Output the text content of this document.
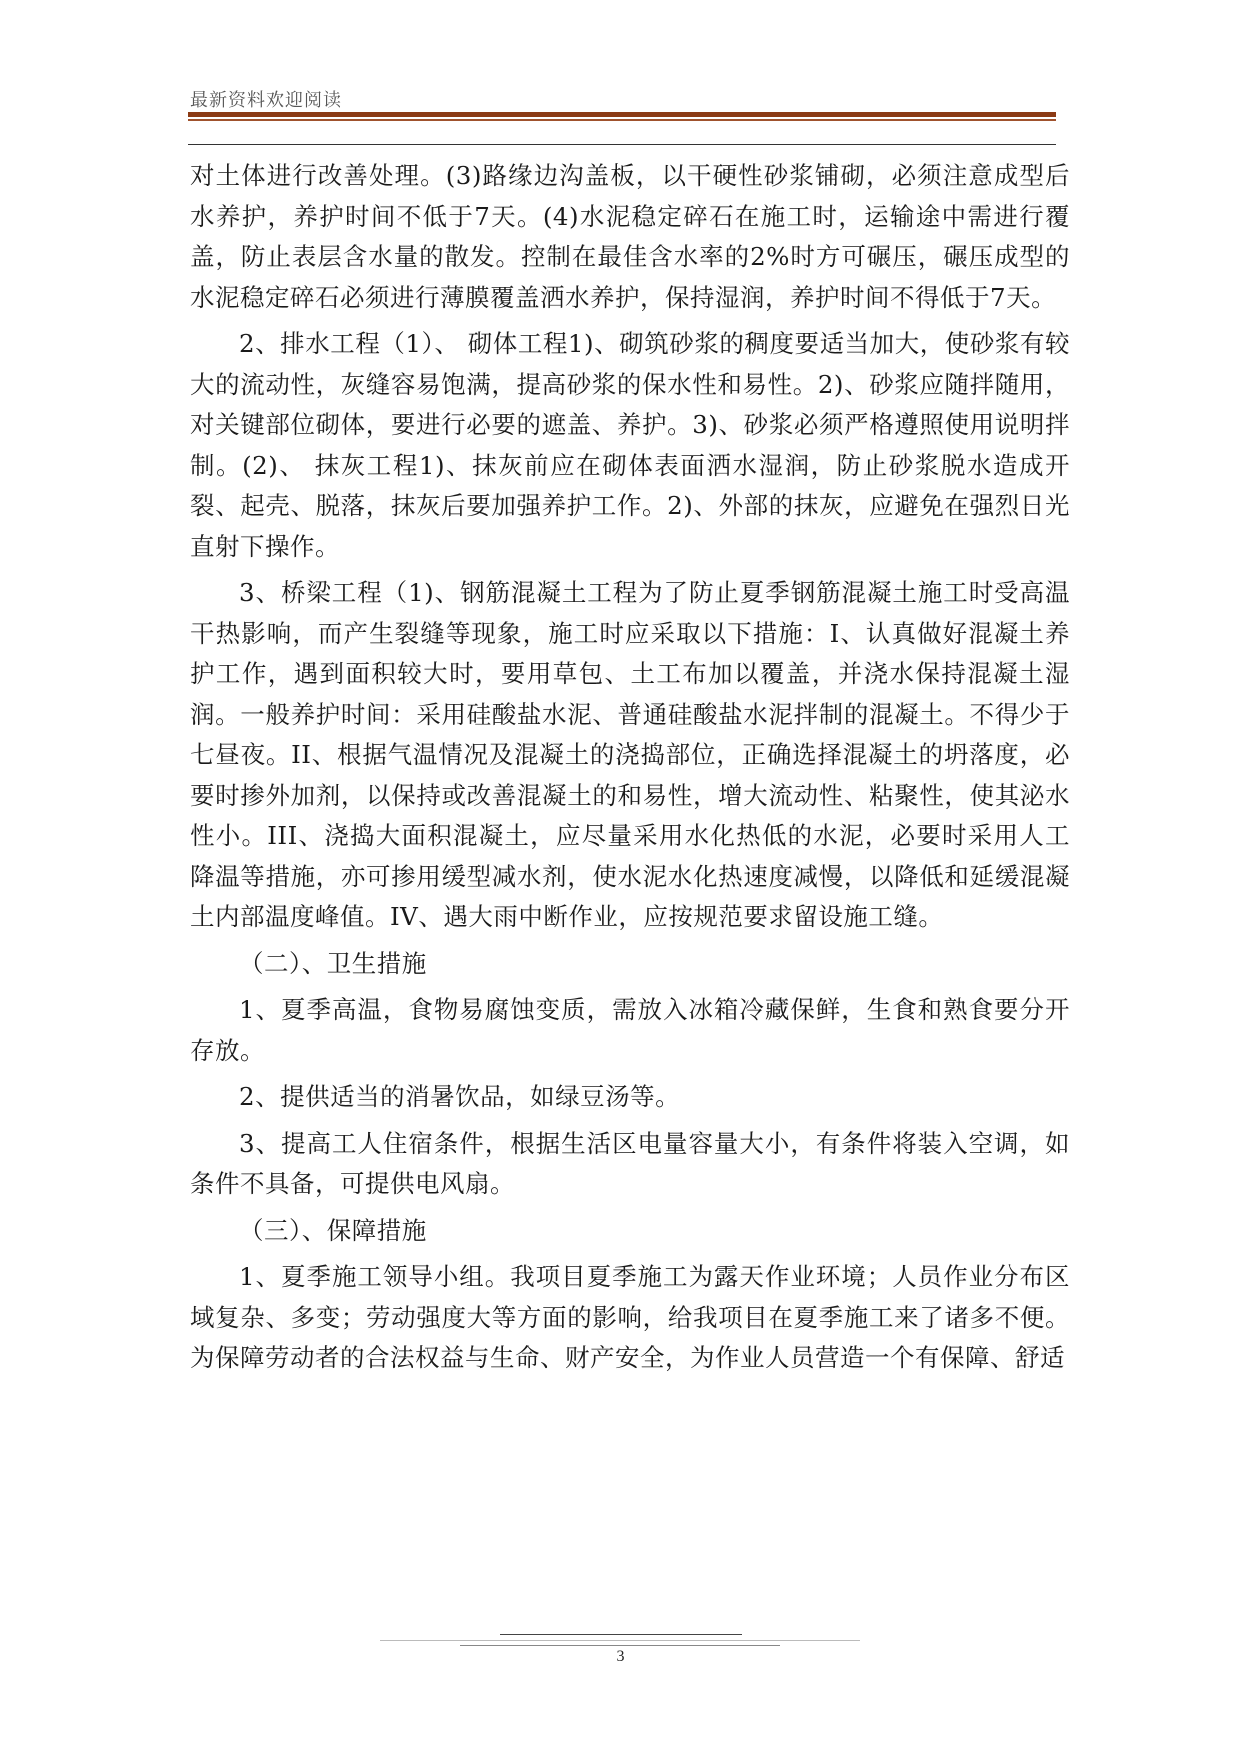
最新资料欢迎阅读

对土体进行改善处理。(3)路缘边沟盖板，以干硬性砂浆铺砌，必须注意成型后水养护，养护时间不低于7天。(4)水泥稳定碎石在施工时，运输途中需进行覆盖，防止表层含水量的散发。控制在最佳含水率的2%时方可碾压，碾压成型的水泥稳定碎石必须进行薄膜覆盖洒水养护，保持湿润，养护时间不得低于7天。

2、排水工程（1）、 砌体工程1)、砌筑砂浆的稠度要适当加大，使砂浆有较大的流动性，灰缝容易饱满，提高砂浆的保水性和易性。2)、砂浆应随拌随用，对关键部位砌体，要进行必要的遮盖、养护。3)、砂浆必须严格遵照使用说明拌制。(2)、 抹灰工程1)、抹灰前应在砌体表面洒水湿润，防止砂浆脱水造成开裂、起壳、脱落，抹灰后要加强养护工作。2)、外部的抹灰，应避免在强烈日光直射下操作。

3、桥梁工程（1)、钢筋混凝土工程为了防止夏季钢筋混凝土施工时受高温干热影响，而产生裂缝等现象，施工时应采取以下措施：I、认真做好混凝土养护工作，遇到面积较大时，要用草包、土工布加以覆盖，并浇水保持混凝土湿润。一般养护时间：采用硅酸盐水泥、普通硅酸盐水泥拌制的混凝土。不得少于七昼夜。II、根据气温情况及混凝土的浇捣部位，正确选择混凝土的坍落度，必要时掺外加剂，以保持或改善混凝土的和易性，增大流动性、粘聚性，使其泌水性小。III、浇捣大面积混凝土，应尽量采用水化热低的水泥，必要时采用人工降温等措施，亦可掺用缓型减水剂，使水泥水化热速度减慢，以降低和延缓混凝土内部温度峰值。IV、遇大雨中断作业，应按规范要求留设施工缝。

（二）、卫生措施

1、夏季高温，食物易腐蚀变质，需放入冰箱冷藏保鲜，生食和熟食要分开存放。

2、提供适当的消暑饮品，如绿豆汤等。

3、提高工人住宿条件，根据生活区电量容量大小，有条件将装入空调，如条件不具备，可提供电风扇。

（三）、保障措施

1、夏季施工领导小组。我项目夏季施工为露天作业环境；人员作业分布区域复杂、多变；劳动强度大等方面的影响，给我项目在夏季施工来了诸多不便。为保障劳动者的合法权益与生命、财产安全，为作业人员营造一个有保障、舒适

3
